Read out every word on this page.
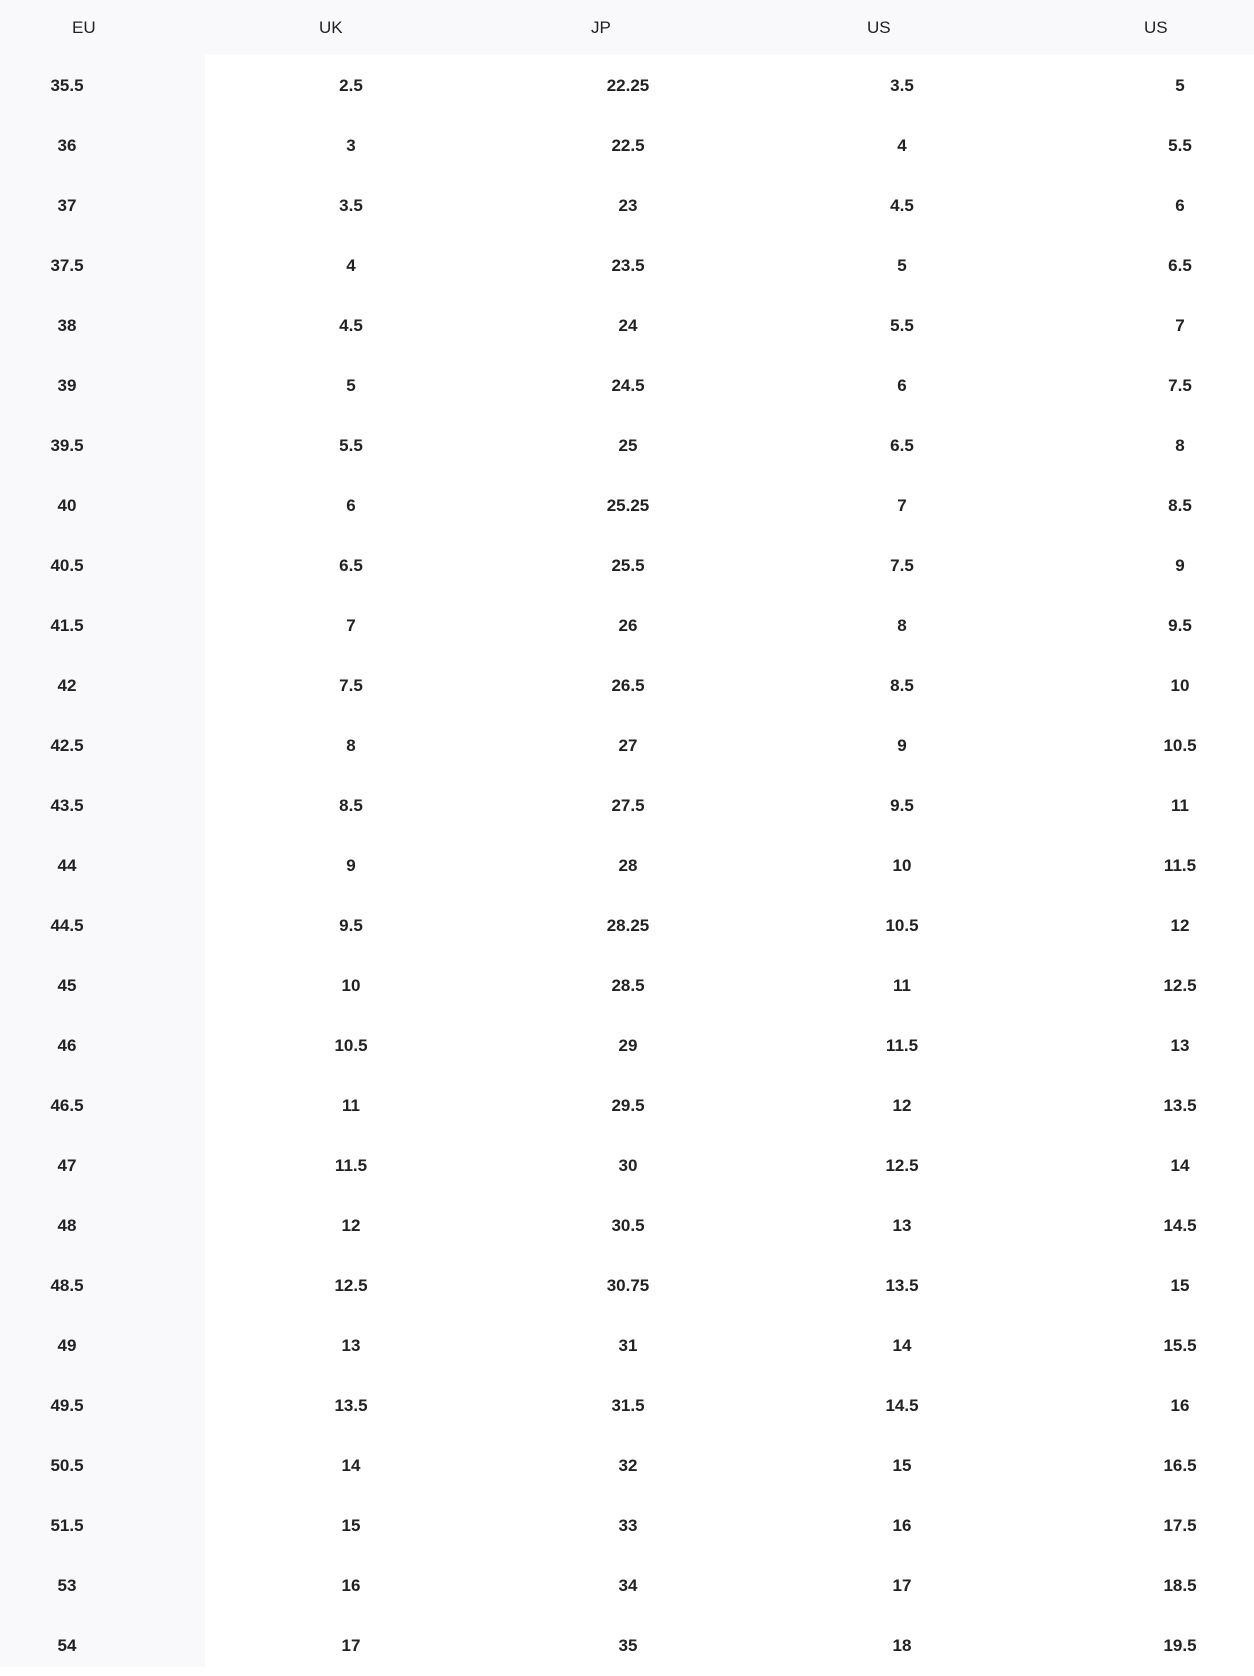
EU	UK	JP	US	US
35.5	2.5	22.25	3.5	5
36	3	22.5	4	5.5
37	3.5	23	4.5	6
37.5	4	23.5	5	6.5
38	4.5	24	5.5	7
39	5	24.5	6	7.5
39.5	5.5	25	6.5	8
40	6	25.25	7	8.5
40.5	6.5	25.5	7.5	9
41.5	7	26	8	9.5
42	7.5	26.5	8.5	10
42.5	8	27	9	10.5
43.5	8.5	27.5	9.5	11
44	9	28	10	11.5
44.5	9.5	28.25	10.5	12
45	10	28.5	11	12.5
46	10.5	29	11.5	13
46.5	11	29.5	12	13.5
47	11.5	30	12.5	14
48	12	30.5	13	14.5
48.5	12.5	30.75	13.5	15
49	13	31	14	15.5
49.5	13.5	31.5	14.5	16
50.5	14	32	15	16.5
51.5	15	33	16	17.5
53	16	34	17	18.5
54	17	35	18	19.5
